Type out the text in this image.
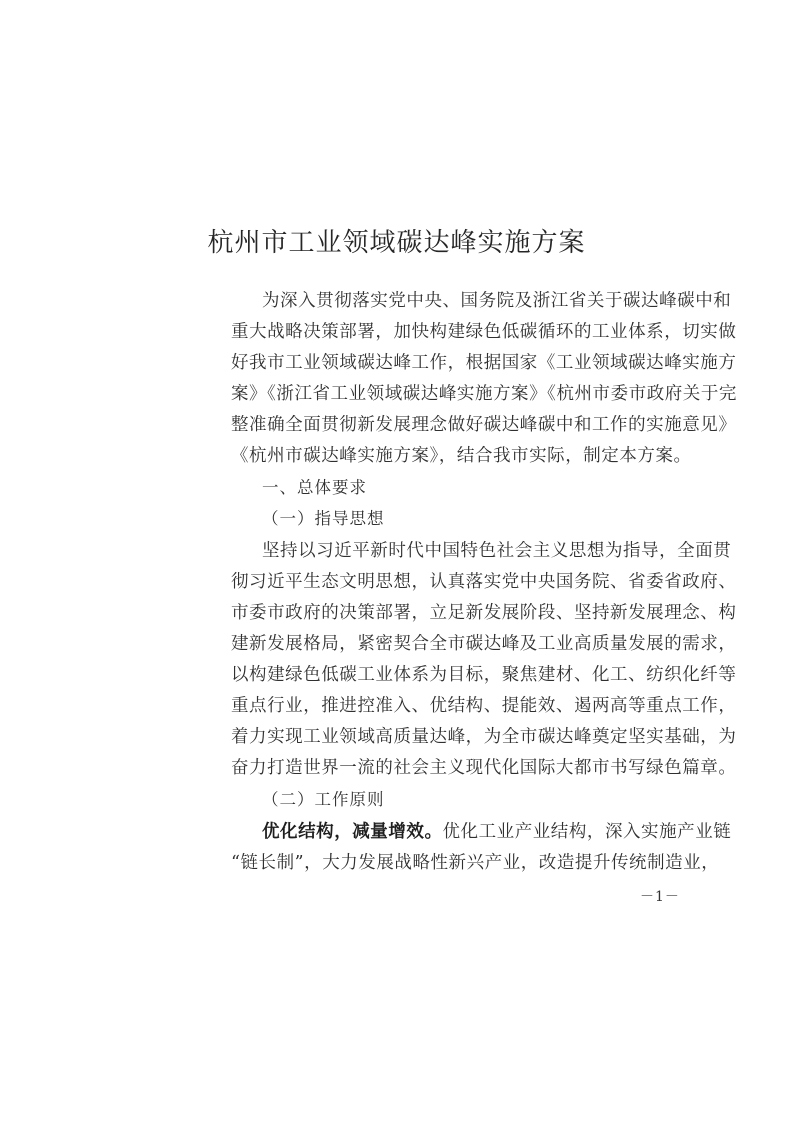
杭州市工业领域碳达峰实施方案
为深入贯彻落实党中央、国务院及浙江省关于碳达峰碳中和
重大战略决策部署，加快构建绿色低碳循环的工业体系，切实做
好我市工业领域碳达峰工作，根据国家《工业领域碳达峰实施方
案》《浙江省工业领域碳达峰实施方案》《杭州市委市政府关于完
整准确全面贯彻新发展理念做好碳达峰碳中和工作的实施意见》
《杭州市碳达峰实施方案》，结合我市实际，制定本方案。
一、总体要求
（一）指导思想
坚持以习近平新时代中国特色社会主义思想为指导，全面贯
彻习近平生态文明思想，认真落实党中央国务院、省委省政府、
市委市政府的决策部署，立足新发展阶段、坚持新发展理念、构
建新发展格局，紧密契合全市碳达峰及工业高质量发展的需求，
以构建绿色低碳工业体系为目标，聚焦建材、化工、纺织化纤等
重点行业，推进控准入、优结构、提能效、遏两高等重点工作，
着力实现工业领域高质量达峰，为全市碳达峰奠定坚实基础，为
奋力打造世界一流的社会主义现代化国际大都市书写绿色篇章。
（二）工作原则
优化结构，减量增效。优化工业产业结构，深入实施产业链
“链长制”，大力发展战略性新兴产业，改造提升传统制造业，
－1－
